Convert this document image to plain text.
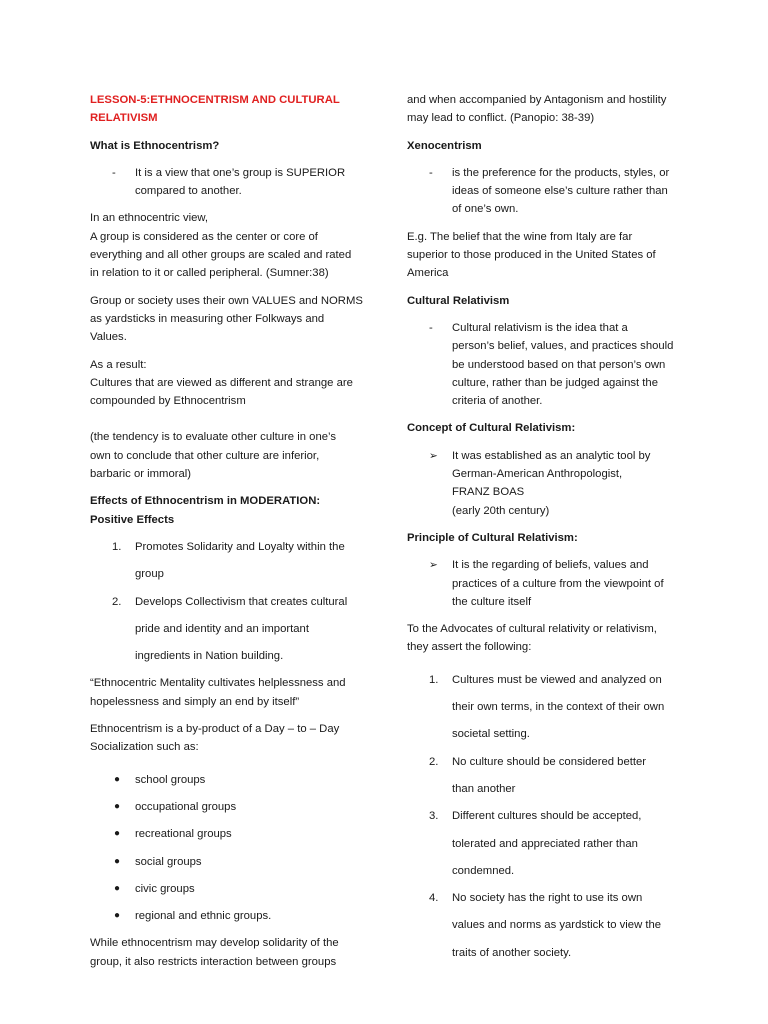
LESSON-5:ETHNOCENTRISM AND CULTURAL

RELATIVISM

What is Ethnocentrism?

- It is a view that one’s group is SUPERIOR

compared to another.

In an ethnocentric view,

A group is considered as the center or core of

everything and all other groups are scaled and rated

in relation to it or called peripheral. (Sumner:38)

Group or society uses their own VALUES and NORMS

as yardsticks in measuring other Folkways and

Values.

As a result:

Cultures that are viewed as different and strange are

compounded by Ethnocentrism

(the tendency is to evaluate other culture in one’s

own to conclude that other culture are inferior,

barbaric or immoral)

Effects of Ethnocentrism in MODERATION:

Positive Effects

1. Promotes Solidarity and Loyalty within the

group

2. Develops Collectivism that creates cultural

pride and identity and an important

ingredients in Nation building.

“Ethnocentric Mentality cultivates helplessness and

hopelessness and simply an end by itself”

Ethnocentrism is a by-product of a Day – to – Day

Socialization such as:

● school groups

● occupational groups

● recreational groups

● social groups

● civic groups

● regional and ethnic groups.

While ethnocentrism may develop solidarity of the

group, it also restricts interaction between groups

and when accompanied by Antagonism and hostility

may lead to conflict. (Panopio: 38-39)

Xenocentrism

- is the preference for the products, styles, or

ideas of someone else’s culture rather than

of one’s own.

E.g. The belief that the wine from Italy are far

superior to those produced in the United States of

America

Cultural Relativism

- Cultural relativism is the idea that a

person’s belief, values, and practices should

be understood based on that person’s own

culture, rather than be judged against the

criteria of another.

Concept of Cultural Relativism:

➢ It was established as an analytic tool by

German-American Anthropologist,

FRANZ BOAS

(early 20th century)

Principle of Cultural Relativism:

➢ It is the regarding of beliefs, values and

practices of a culture from the viewpoint of

the culture itself

To the Advocates of cultural relativity or relativism,

they assert the following:

1. Cultures must be viewed and analyzed on

their own terms, in the context of their own

societal setting.

2. No culture should be considered better

than another

3. Different cultures should be accepted,

tolerated and appreciated rather than

condemned.

4. No society has the right to use its own

values and norms as yardstick to view the

traits of another society.
